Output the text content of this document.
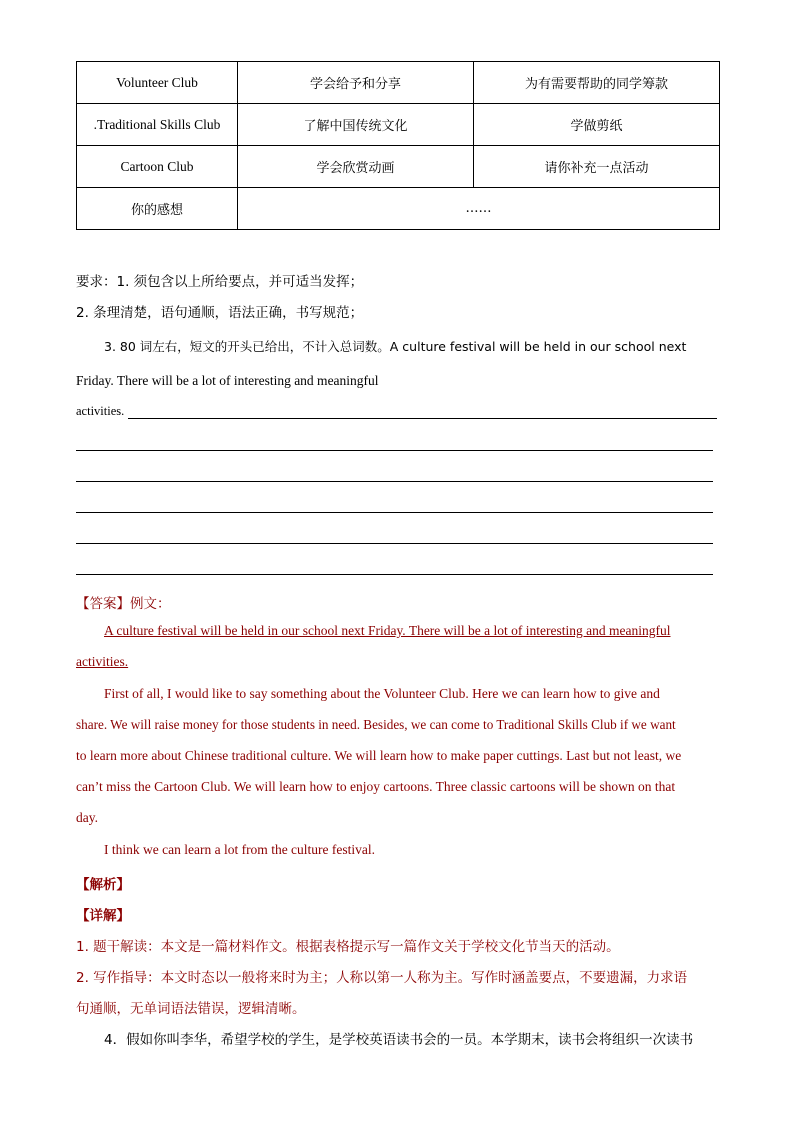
Volunteer Club	学会给予和分享	为有需要帮助的同学筹款
.Traditional Skills Club	了解中国传统文化	学做剪纸
Cartoon Club	学会欣赏动画	请你补充一点活动
你的感想	……	
要求：1. 须包含以上所给要点，并可适当发挥；
2. 条理清楚，语句通顺，语法正确，书写规范；
3. 80 词左右，短文的开头已给出，不计入总词数。A culture festival will be held in our school next
Friday. There will be a lot of interesting and meaningful
activities.
【答案】例文：
A culture festival will be held in our school next Friday. There will be a lot of interesting and meaningful
activities.
First of all, I would like to say something about the Volunteer Club. Here we can learn how to give and
share. We will raise money for those students in need. Besides, we can come to Traditional Skills Club if we want
to learn more about Chinese traditional culture. We will learn how to make paper cuttings. Last but not least, we
can’t miss the Cartoon Club. We will learn how to enjoy cartoons. Three classic cartoons will be shown on that
day.
I think we can learn a lot from the culture festival.
【解析】
【详解】
1. 题干解读：本文是一篇材料作文。根据表格提示写一篇作文关于学校文化节当天的活动。
2. 写作指导：本文时态以一般将来时为主；人称以第一人称为主。写作时涵盖要点，不要遗漏，力求语
句通顺，无单词语法错误，逻辑清晰。
4．假如你叫李华，希望学校的学生，是学校英语读书会的一员。本学期末，读书会将组织一次读书
